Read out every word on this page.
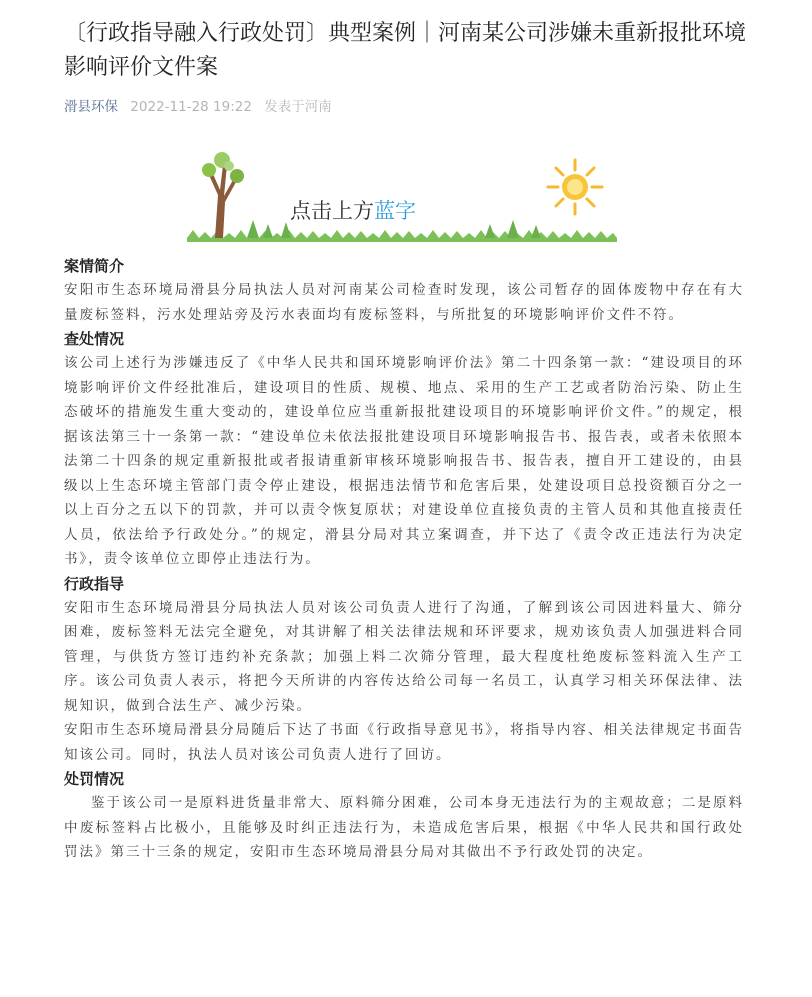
〔行政指导融入行政处罚〕典型案例｜河南某公司涉嫌未重新报批环境影响评价文件案
滑县环保 2022-11-28 19:22 发表于河南
点击上方蓝字
案情简介

安阳市生态环境局滑县分局执法人员对河南某公司检查时发现，该公司暂存的固体废物中存在有大量废标签料，污水处理站旁及污水表面均有废标签料，与所批复的环境影响评价文件不符。

查处情况

该公司上述行为涉嫌违反了《中华人民共和国环境影响评价法》第二十四条第一款：“建设项目的环境影响评价文件经批准后，建设项目的性质、规模、地点、采用的生产工艺或者防治污染、防止生态破坏的措施发生重大变动的，建设单位应当重新报批建设项目的环境影响评价文件。”的规定，根据该法第三十一条第一款：“建设单位未依法报批建设项目环境影响报告书、报告表，或者未依照本法第二十四条的规定重新报批或者报请重新审核环境影响报告书、报告表，擅自开工建设的，由县级以上生态环境主管部门责令停止建设，根据违法情节和危害后果，处建设项目总投资额百分之一以上百分之五以下的罚款，并可以责令恢复原状；对建设单位直接负责的主管人员和其他直接责任人员，依法给予行政处分。”的规定，滑县分局对其立案调查，并下达了《责令改正违法行为决定书》，责令该单位立即停止违法行为。

行政指导

安阳市生态环境局滑县分局执法人员对该公司负责人进行了沟通，了解到该公司因进料量大、筛分困难，废标签料无法完全避免，对其讲解了相关法律法规和环评要求，规劝该负责人加强进料合同管理，与供货方签订违约补充条款；加强上料二次筛分管理，最大程度杜绝废标签料流入生产工序。该公司负责人表示，将把今天所讲的内容传达给公司每一名员工，认真学习相关环保法律、法规知识，做到合法生产、减少污染。

安阳市生态环境局滑县分局随后下达了书面《行政指导意见书》，将指导内容、相关法律规定书面告知该公司。同时，执法人员对该公司负责人进行了回访。

处罚情况

鉴于该公司一是原料进货量非常大、原料筛分困难，公司本身无违法行为的主观故意；二是原料中废标签料占比极小，且能够及时纠正违法行为，未造成危害后果，根据《中华人民共和国行政处罚法》第三十三条的规定，安阳市生态环境局滑县分局对其做出不予行政处罚的决定。
